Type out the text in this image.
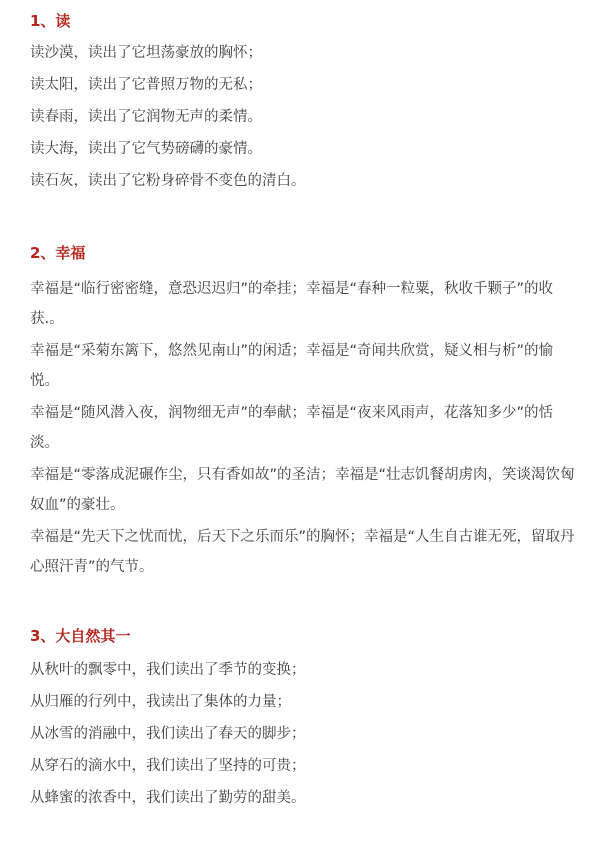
1、读
读沙漠，读出了它坦荡豪放的胸怀；
读太阳，读出了它普照万物的无私；
读春雨，读出了它润物无声的柔情。
读大海，读出了它气势磅礴的豪情。
读石灰，读出了它粉身碎骨不变色的清白。
2、幸福
幸福是“临行密密缝，意恐迟迟归”的牵挂；幸福是“春种一粒粟，秋收千颗子”的收获.。
幸福是“采菊东篱下，悠然见南山”的闲适；幸福是“奇闻共欣赏，疑义相与析”的愉悦。
幸福是“随风潜入夜，润物细无声”的奉献；幸福是“夜来风雨声，花落知多少”的恬淡。
幸福是“零落成泥碾作尘，只有香如故”的圣洁；幸福是“壮志饥餐胡虏肉，笑谈渴饮匈奴血”的豪壮。
幸福是“先天下之忧而忧，后天下之乐而乐”的胸怀；幸福是“人生自古谁无死，留取丹心照汗青”的气节。
3、大自然其一
从秋叶的飘零中，我们读出了季节的变换；
从归雁的行列中，我读出了集体的力量；
从冰雪的消融中，我们读出了春天的脚步；
从穿石的滴水中，我们读出了坚持的可贵；
从蜂蜜的浓香中，我们读出了勤劳的甜美。
